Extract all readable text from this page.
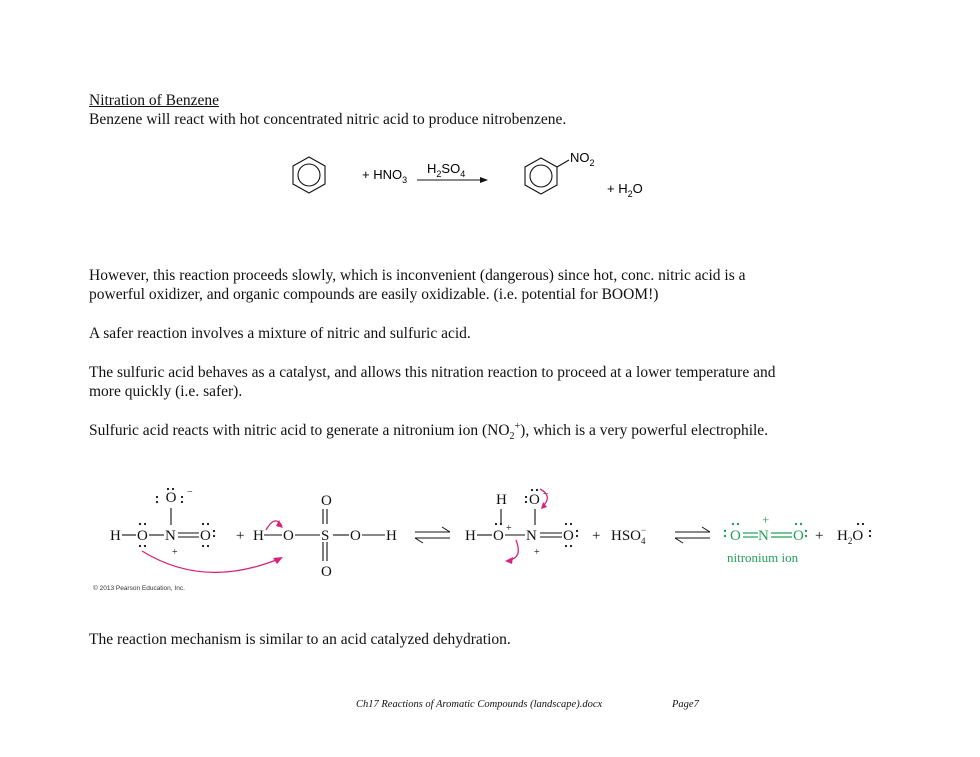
Nitration of Benzene
Benzene will react with hot concentrated nitric acid to produce nitrobenzene.
+ $HNO_3$
$H_2SO_4$
$NO_2$
+ $H_2O$
However, this reaction proceeds slowly, which is inconvenient (dangerous) since hot, conc. nitric acid is a
powerful oxidizer, and organic compounds are easily oxidizable. (i.e. potential for BOOM!)
A safer reaction involves a mixture of nitric and sulfuric acid.
The sulfuric acid behaves as a catalyst, and allows this nitration reaction to proceed at a lower temperature and
more quickly (i.e. safer).
Sulfuric acid reacts with nitric acid to generate a nitronium ion $(NO_2^+)$, which is a very powerful electrophile.
O −
H O N
+
O + H O S
O
O
O H	H O +
H O −
N
+
$O + HSO_4$
−	+ $H_2O$
O N
+
O
nitronium ion
© 2013 Pearson Education, Inc.
The reaction mechanism is similar to an acid catalyzed dehydration.
Ch17 Reactions of Aromatic Compounds (landscape).docx	Page7
